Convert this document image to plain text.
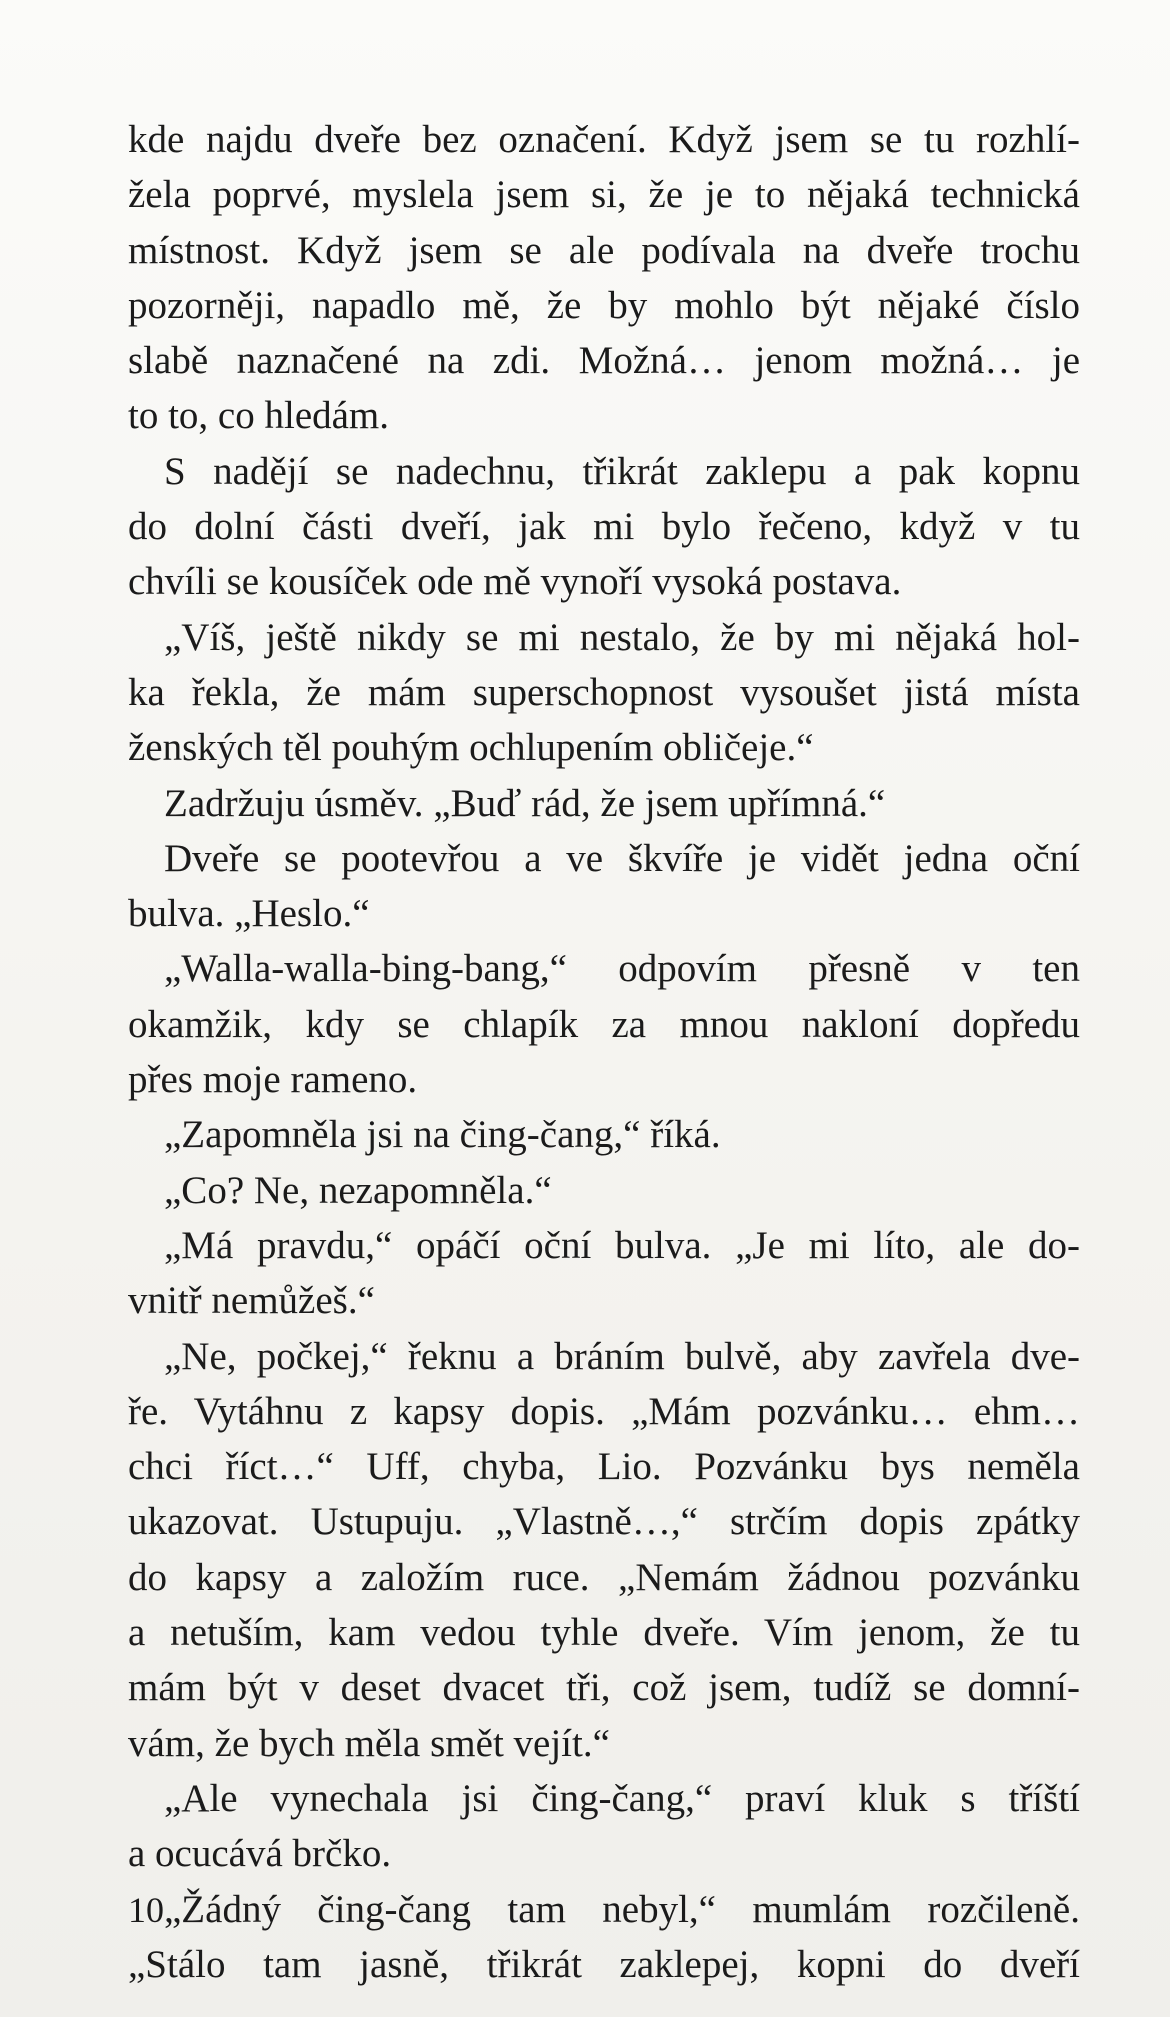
kde najdu dveře bez označení. Když jsem se tu rozhlí-
žela poprvé, myslela jsem si, že je to nějaká technická
místnost. Když jsem se ale podívala na dveře trochu
pozorněji, napadlo mě, že by mohlo být nějaké číslo
slabě naznačené na zdi. Možná… jenom možná… je
to to, co hledám.
S nadějí se nadechnu, třikrát zaklepu a pak kopnu
do dolní části dveří, jak mi bylo řečeno, když v tu
chvíli se kousíček ode mě vynoří vysoká postava.
„Víš, ještě nikdy se mi nestalo, že by mi nějaká hol-
ka řekla, že mám superschopnost vysoušet jistá místa
ženských těl pouhým ochlupením obličeje.“
Zadržuju úsměv. „Buď rád, že jsem upřímná.“
Dveře se pootevřou a ve škvíře je vidět jedna oční
bulva. „Heslo.“
„Walla-walla-bing-bang,“ odpovím přesně v ten
okamžik, kdy se chlapík za mnou nakloní dopředu
přes moje rameno.
„Zapomněla jsi na čing-čang,“ říká.
„Co? Ne, nezapomněla.“
„Má pravdu,“ opáčí oční bulva. „Je mi líto, ale do-
vnitř nemůžeš.“
„Ne, počkej,“ řeknu a bráním bulvě, aby zavřela dve-
ře. Vytáhnu z kapsy dopis. „Mám pozvánku… ehm…
chci říct…“ Uff, chyba, Lio. Pozvánku bys neměla
ukazovat. Ustupuju. „Vlastně…,“ strčím dopis zpátky
do kapsy a založím ruce. „Nemám žádnou pozvánku
a netuším, kam vedou tyhle dveře. Vím jenom, že tu
mám být v deset dvacet tři, což jsem, tudíž se domní-
vám, že bych měla smět vejít.“
„Ale vynechala jsi čing-čang,“ praví kluk s tříští
a ocucává brčko.
„Žádný čing-čang tam nebyl,“ mumlám rozčileně.
„Stálo tam jasně, třikrát zaklepej, kopni do dveří
10
